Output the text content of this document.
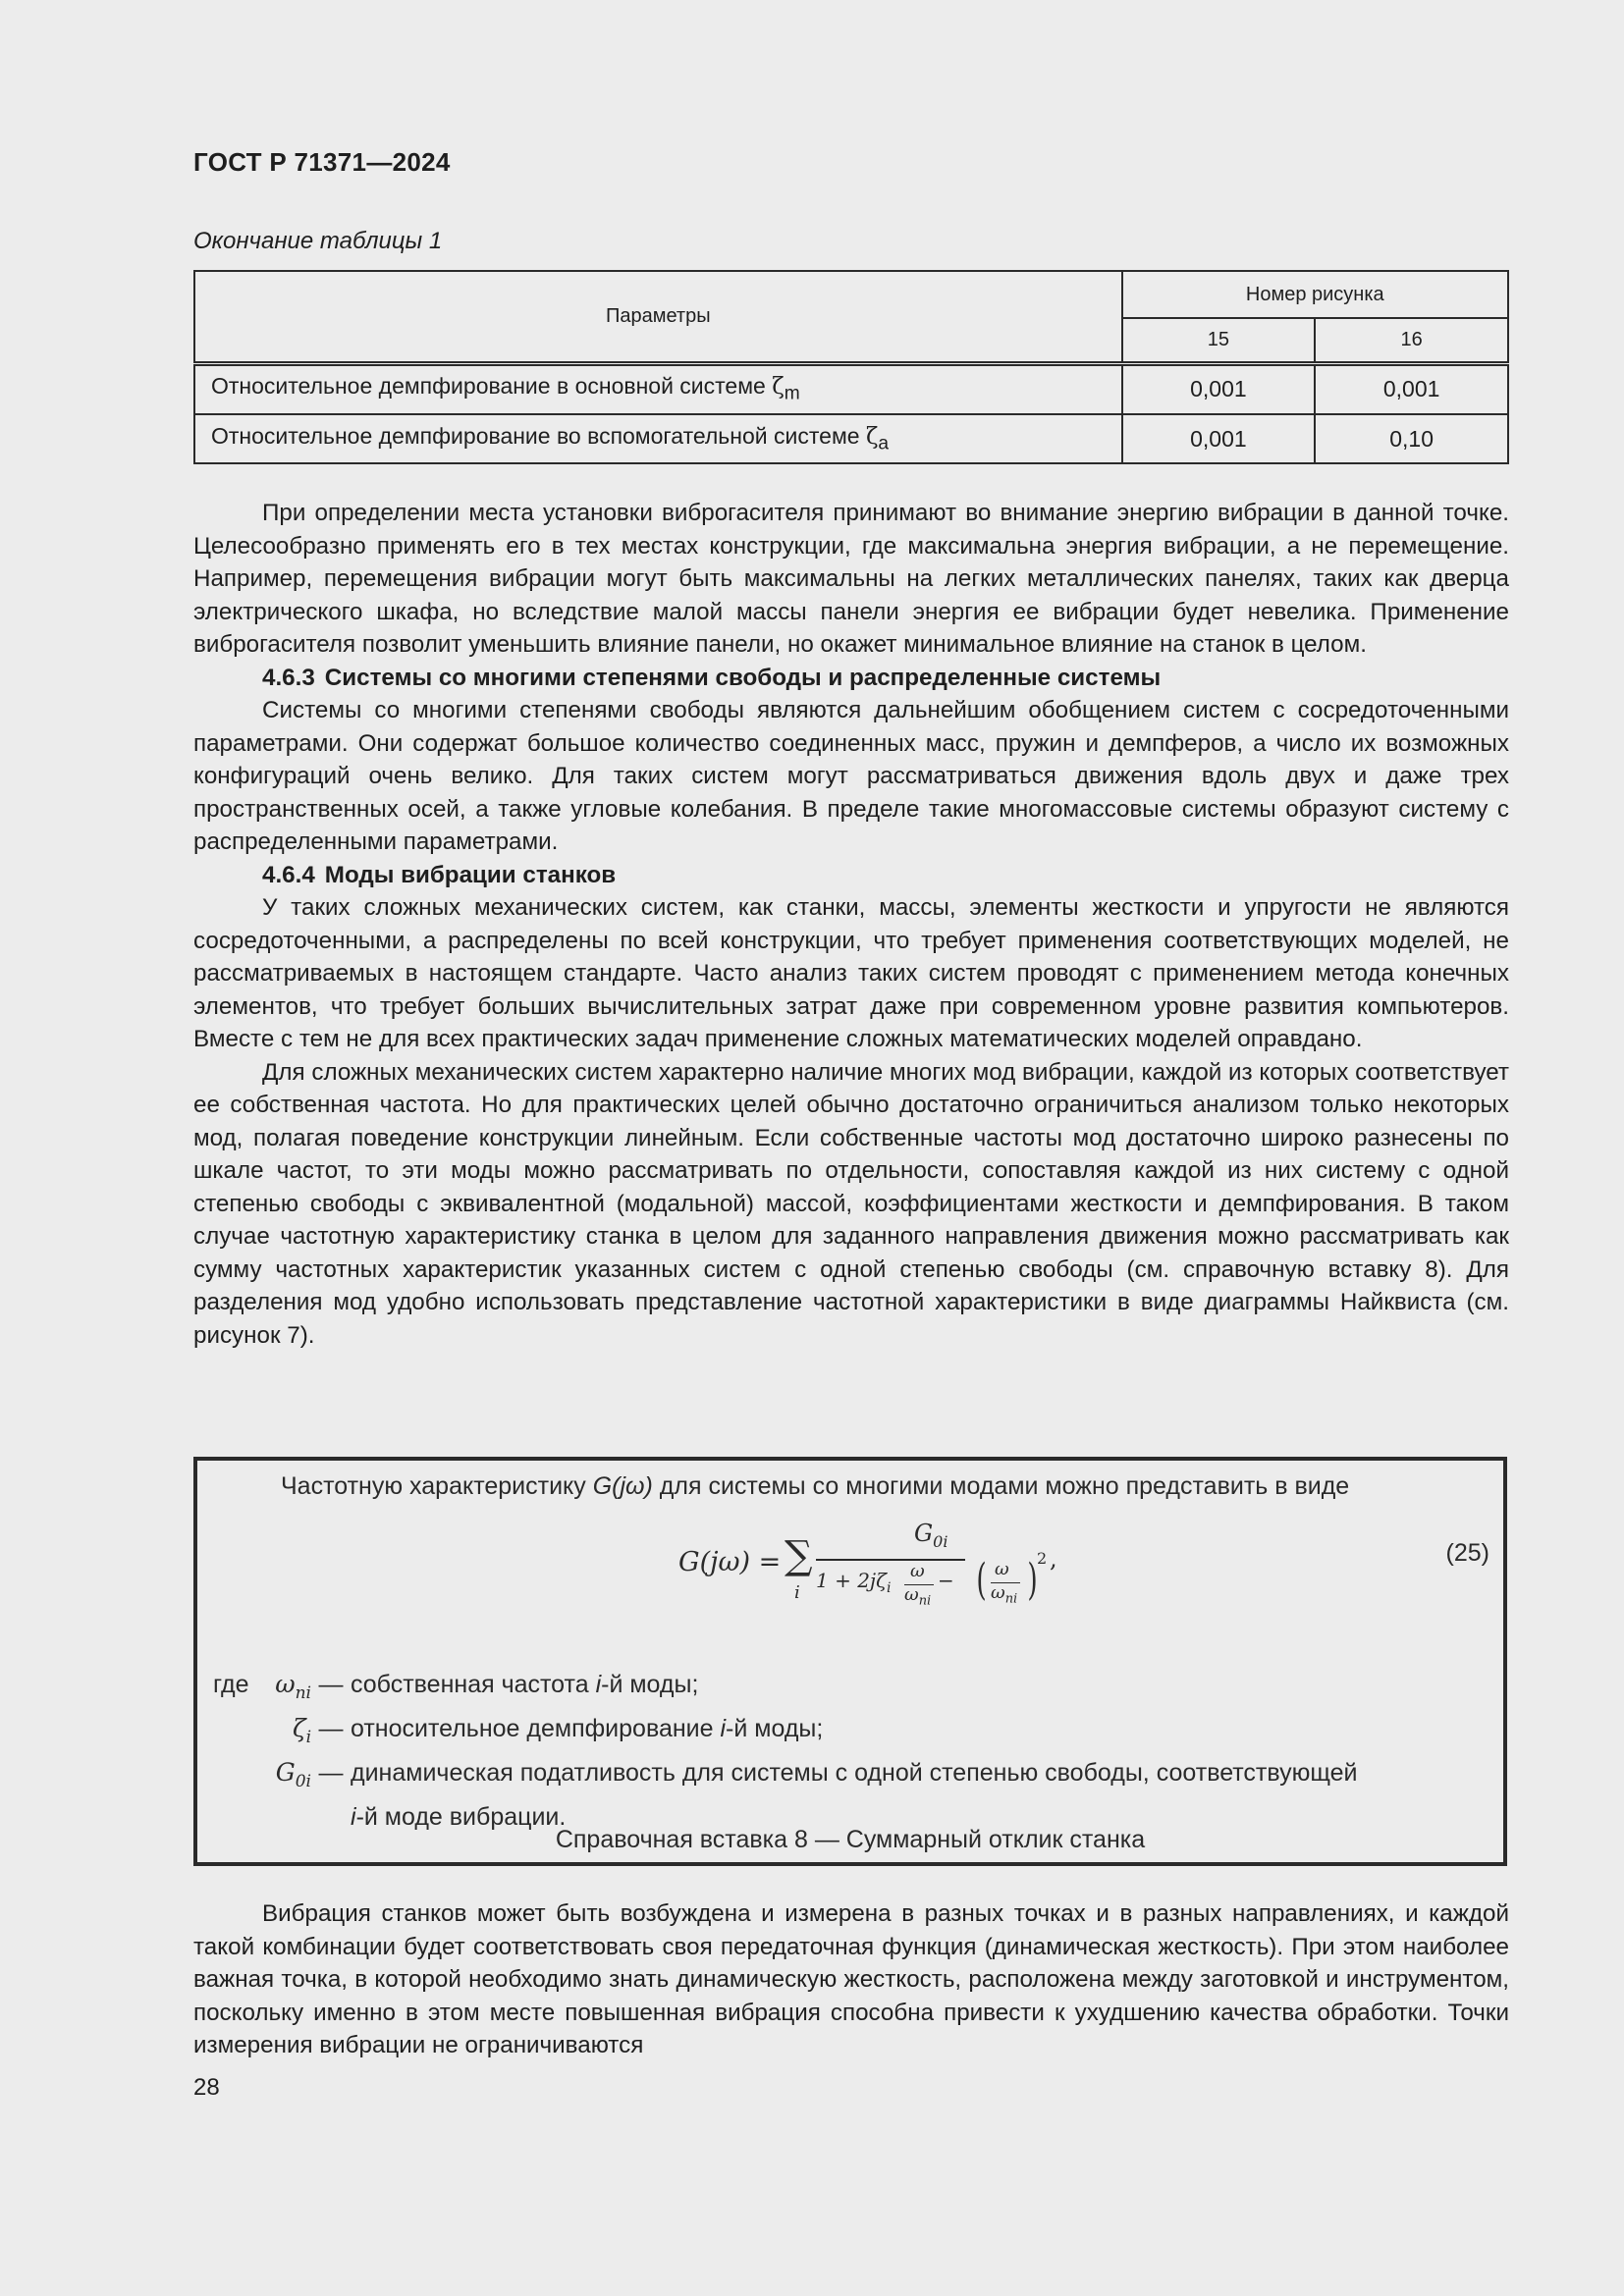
ГОСТ Р 71371—2024
Окончание таблицы 1
Параметры	Номер рисунка	
	15	16
Относительное демпфирование в основной системе $\zeta_m$	0,001	0,001
Относительное демпфирование во вспомогательной системе $\zeta_a$	0,001	0,10

При определении места установки виброгасителя принимают во внимание энергию вибрации в данной точке. Целесообразно применять его в тех местах конструкции, где максимальна энергия вибрации, а не перемещение. Например, перемещения вибрации могут быть максимальны на легких металлических панелях, таких как дверца электрического шкафа, но вследствие малой массы панели энергия ее вибрации будет невелика. Применение виброгасителя позволит уменьшить влияние панели, но окажет минимальное влияние на станок в целом.

4.6.3 Системы со многими степенями свободы и распределенные системы

Системы со многими степенями свободы являются дальнейшим обобщением систем с сосредоточенными параметрами. Они содержат большое количество соединенных масс, пружин и демпферов, а число их возможных конфигураций очень велико. Для таких систем могут рассматриваться движения вдоль двух и даже трех пространственных осей, а также угловые колебания. В пределе такие многомассовые системы образуют систему с распределенными параметрами.

4.6.4 Моды вибрации станков

У таких сложных механических систем, как станки, массы, элементы жесткости и упругости не являются сосредоточенными, а распределены по всей конструкции, что требует применения соответствующих моделей, не рассматриваемых в настоящем стандарте. Часто анализ таких систем проводят с применением метода конечных элементов, что требует больших вычислительных затрат даже при современном уровне развития компьютеров. Вместе с тем не для всех практических задач применение сложных математических моделей оправдано.

Для сложных механических систем характерно наличие многих мод вибрации, каждой из которых соответствует ее собственная частота. Но для практических целей обычно достаточно ограничиться анализом только некоторых мод, полагая поведение конструкции линейным. Если собственные частоты мод достаточно широко разнесены по шкале частот, то эти моды можно рассматривать по отдельности, сопоставляя каждой из них систему с одной степенью свободы с эквивалентной (модальной) массой, коэффициентами жесткости и демпфирования. В таком случае частотную характеристику станка в целом для заданного направления движения можно рассматривать как сумму частотных характеристик указанных систем с одной степенью свободы (см. справочную вставку 8). Для разделения мод удобно использовать представление частотной характеристики в виде диаграммы Найквиста (см. рисунок 7).

Частотную характеристику G(jω) для системы со многими модами можно представить в виде
G(jω) = ∑
i
$G_{0i}$
$1 + 2j\zeta_i$
ω
$\omega_{ni}$
− ( ω
$\omega_{ni}$ ) 2 ,	(25)
где $\omega_{ni}$ — собственная частота i-й моды;
$\zeta_i$ — относительное демпфирование i-й моды;
$G_{0i}$ — динамическая податливость для системы с одной степенью свободы, соответствующей
i-й моде вибрации.
Справочная вставка 8 — Суммарный отклик станка

Вибрация станков может быть возбуждена и измерена в разных точках и в разных направлениях, и каждой такой комбинации будет соответствовать своя передаточная функция (динамическая жесткость). При этом наиболее важная точка, в которой необходимо знать динамическую жесткость, расположена между заготовкой и инструментом, поскольку именно в этом месте повышенная вибрация способна привести к ухудшению качества обработки. Точки измерения вибрации не ограничиваются

28
